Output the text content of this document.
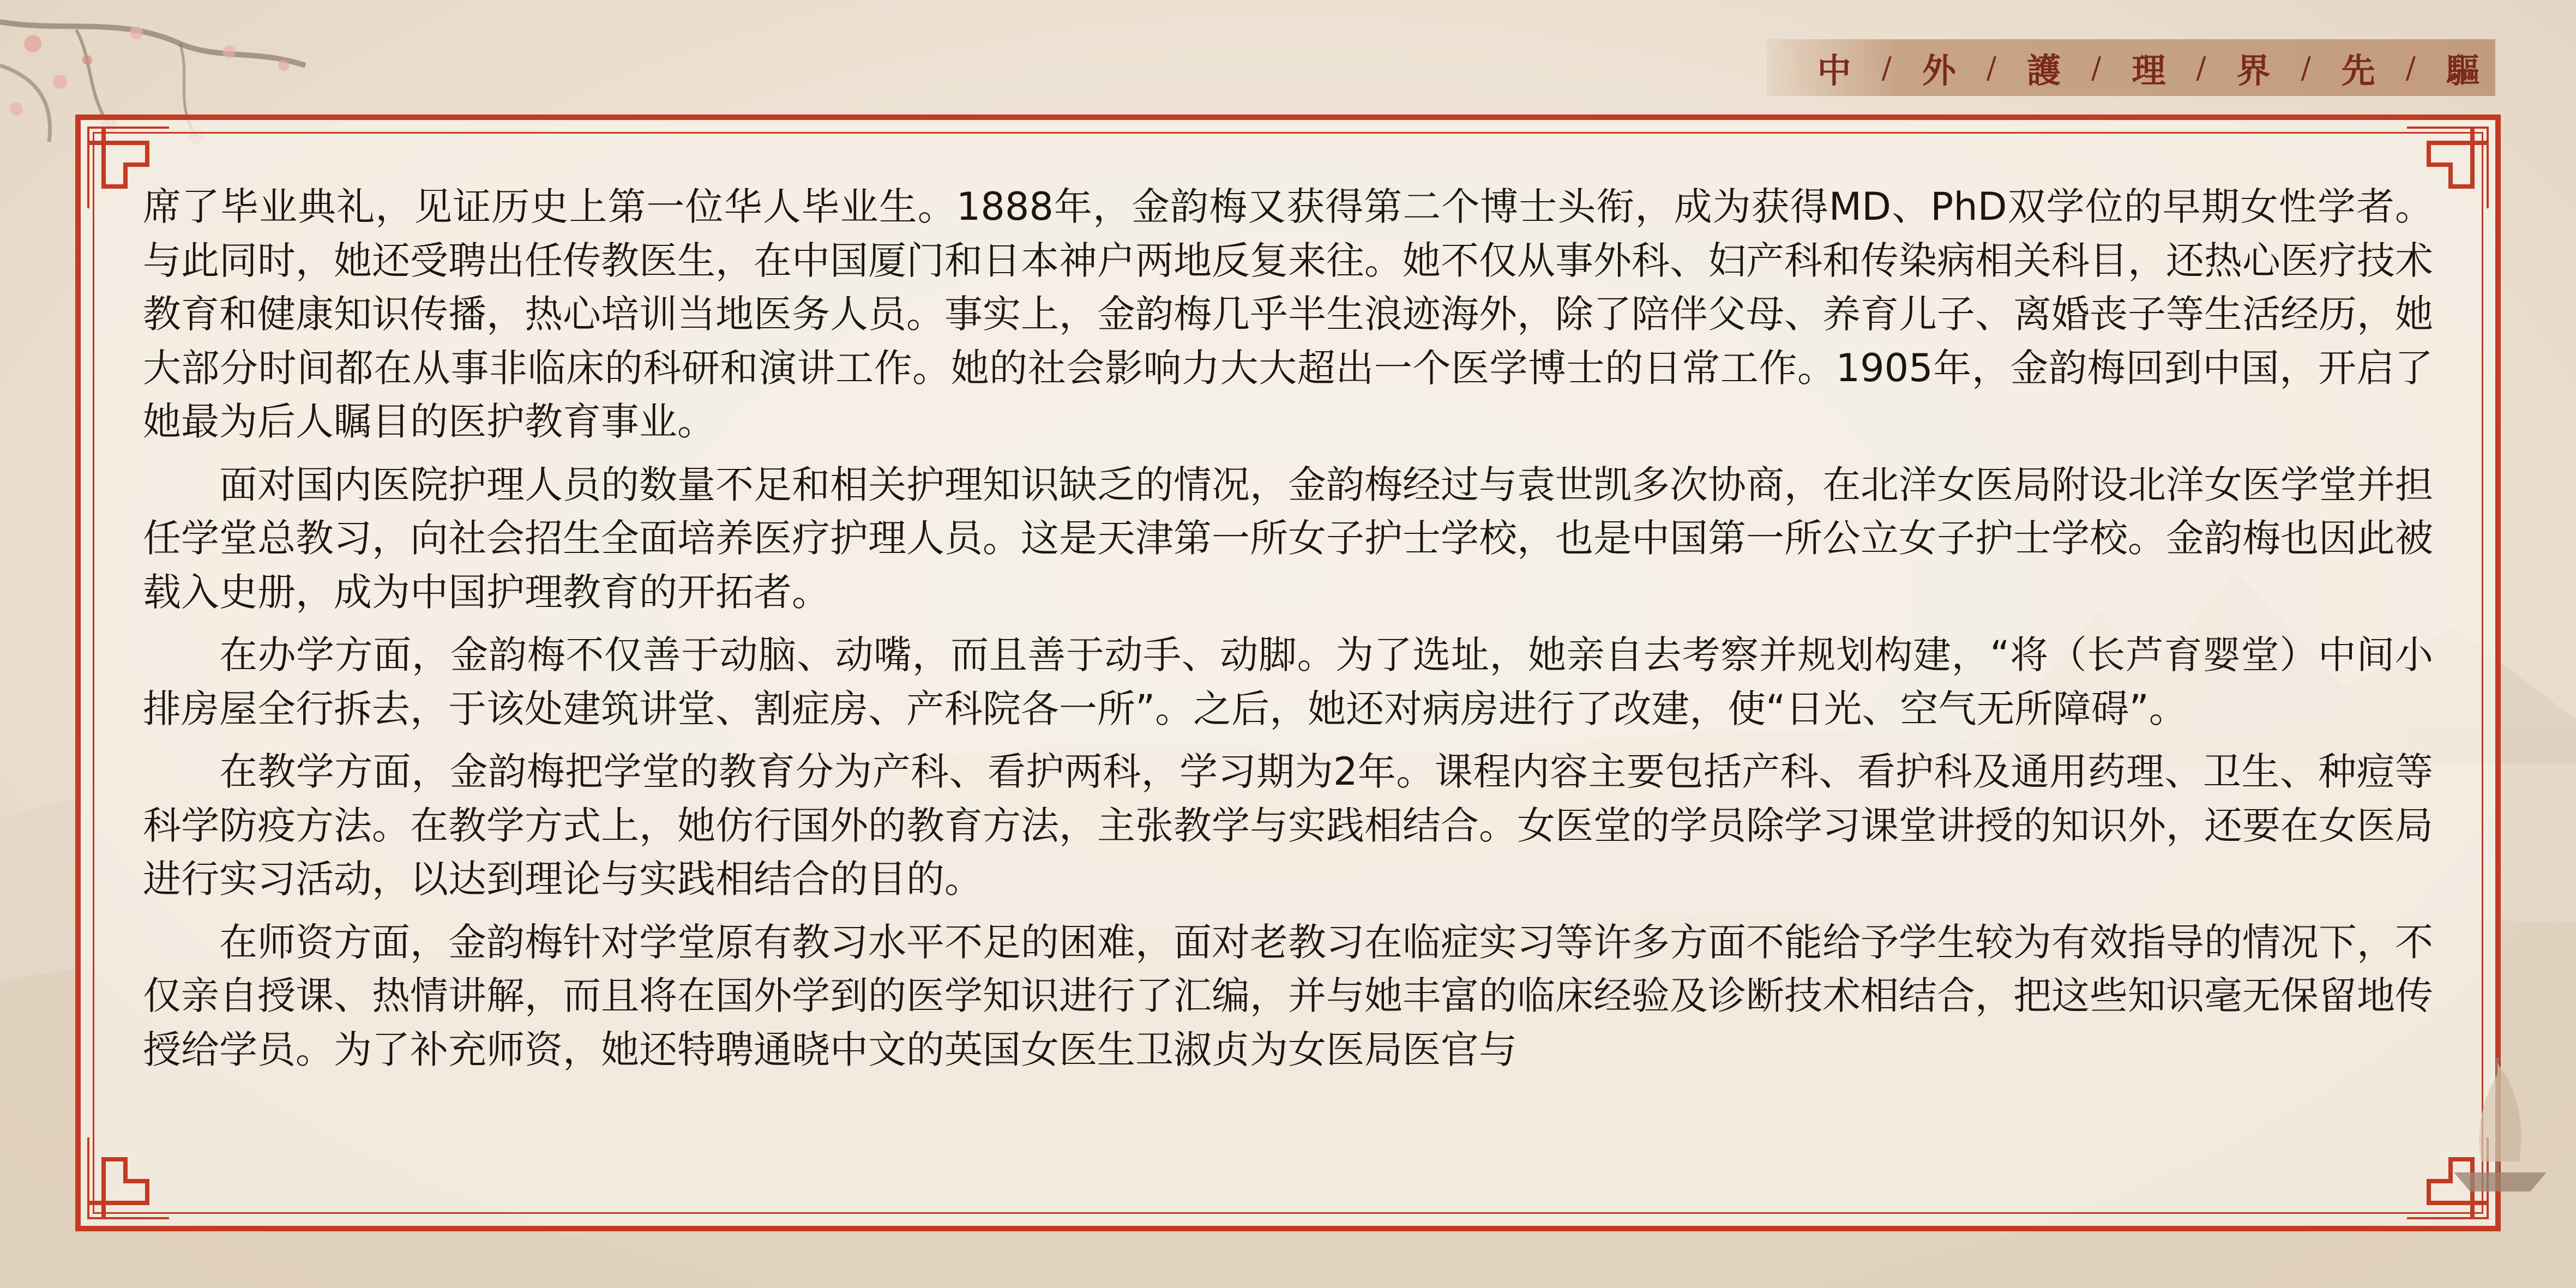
中 / 外 / 護 / 理 / 界 / 先 / 驅

席了毕业典礼，见证历史上第一位华人毕业生。1888年，金韵梅又获得第二个博士头衔，成为获得MD、PhD双学位的早期女性学者。与此同时，她还受聘出任传教医生，在中国厦门和日本神户两地反复来往。她不仅从事外科、妇产科和传染病相关科目，还热心医疗技术教育和健康知识传播，热心培训当地医务人员。事实上，金韵梅几乎半生浪迹海外，除了陪伴父母、养育儿子、离婚丧子等生活经历，她大部分时间都在从事非临床的科研和演讲工作。她的社会影响力大大超出一个医学博士的日常工作。1905年，金韵梅回到中国，开启了她最为后人瞩目的医护教育事业。

面对国内医院护理人员的数量不足和相关护理知识缺乏的情况，金韵梅经过与袁世凯多次协商，在北洋女医局附设北洋女医学堂并担任学堂总教习，向社会招生全面培养医疗护理人员。这是天津第一所女子护士学校，也是中国第一所公立女子护士学校。金韵梅也因此被载入史册，成为中国护理教育的开拓者。

在办学方面，金韵梅不仅善于动脑、动嘴，而且善于动手、动脚。为了选址，她亲自去考察并规划构建，“将（长芦育婴堂）中间小排房屋全行拆去，于该处建筑讲堂、割症房、产科院各一所”。之后，她还对病房进行了改建，使“日光、空气无所障碍”。

在教学方面，金韵梅把学堂的教育分为产科、看护两科，学习期为2年。课程内容主要包括产科、看护科及通用药理、卫生、种痘等科学防疫方法。在教学方式上，她仿行国外的教育方法，主张教学与实践相结合。女医堂的学员除学习课堂讲授的知识外，还要在女医局进行实习活动，以达到理论与实践相结合的目的。

在师资方面，金韵梅针对学堂原有教习水平不足的困难，面对老教习在临症实习等许多方面不能给予学生较为有效指导的情况下，不仅亲自授课、热情讲解，而且将在国外学到的医学知识进行了汇编，并与她丰富的临床经验及诊断技术相结合，把这些知识毫无保留地传授给学员。为了补充师资，她还特聘通晓中文的英国女医生卫淑贞为女医局医官与
